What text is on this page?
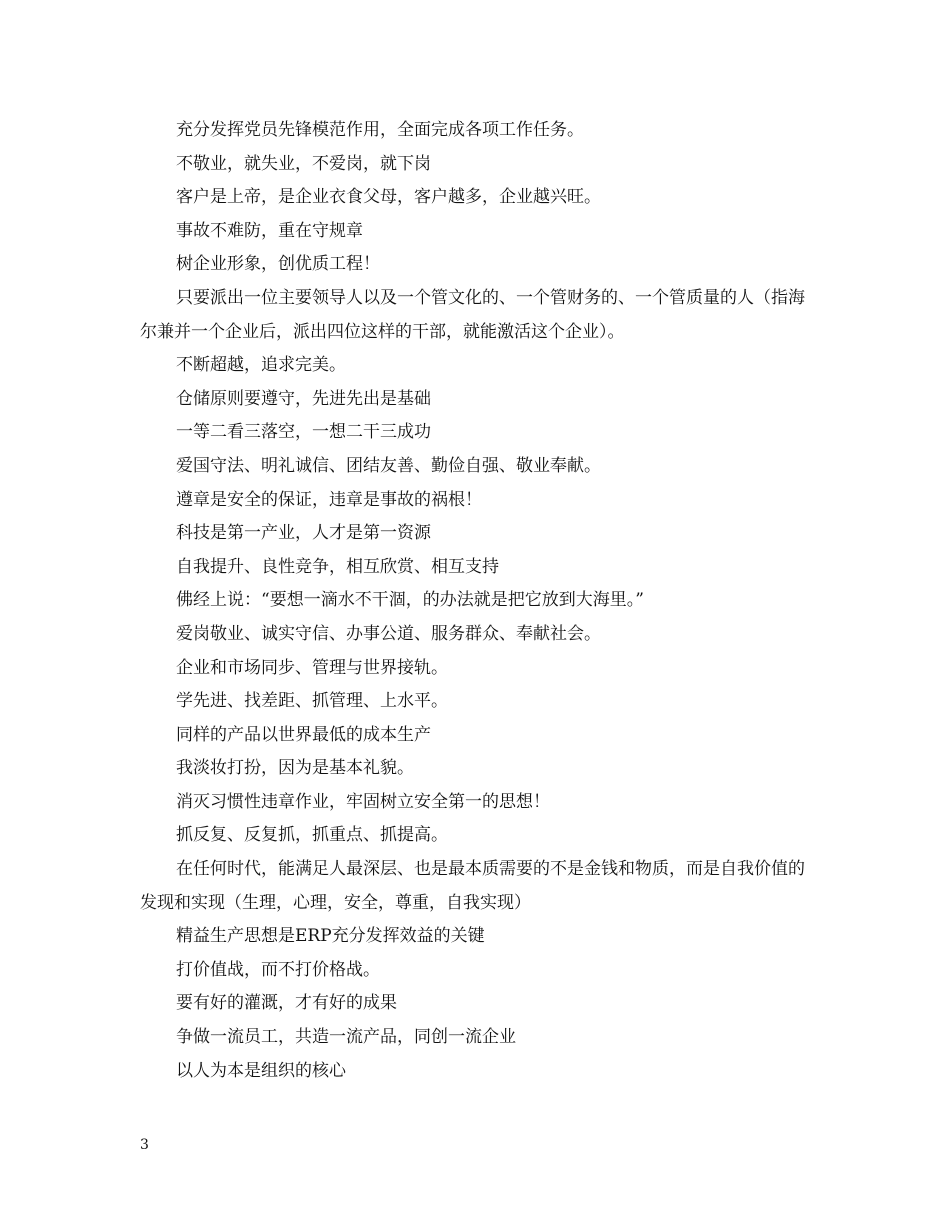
充分发挥党员先锋模范作用，全面完成各项工作任务。

不敬业，就失业，不爱岗，就下岗

客户是上帝，是企业衣食父母，客户越多，企业越兴旺。

事故不难防，重在守规章

树企业形象，创优质工程！

只要派出一位主要领导人以及一个管文化的、一个管财务的、一个管质量的人（指海尔兼并一个企业后，派出四位这样的干部，就能激活这个企业）。

不断超越，追求完美。

仓储原则要遵守，先进先出是基础

一等二看三落空，一想二干三成功

爱国守法、明礼诚信、团结友善、勤俭自强、敬业奉献。

遵章是安全的保证，违章是事故的祸根！

科技是第一产业，人才是第一资源

自我提升、良性竞争，相互欣赏、相互支持

佛经上说：“要想一滴水不干涸，的办法就是把它放到大海里。”

爱岗敬业、诚实守信、办事公道、服务群众、奉献社会。

企业和市场同步、管理与世界接轨。

学先进、找差距、抓管理、上水平。

同样的产品以世界最低的成本生产

我淡妆打扮，因为是基本礼貌。

消灭习惯性违章作业，牢固树立安全第一的思想！

抓反复、反复抓，抓重点、抓提高。

在任何时代，能满足人最深层、也是最本质需要的不是金钱和物质，而是自我价值的发现和实现（生理，心理，安全，尊重，自我实现）

精益生产思想是ERP充分发挥效益的关键

打价值战，而不打价格战。

要有好的灌溉，才有好的成果

争做一流员工，共造一流产品，同创一流企业

以人为本是组织的核心

3
